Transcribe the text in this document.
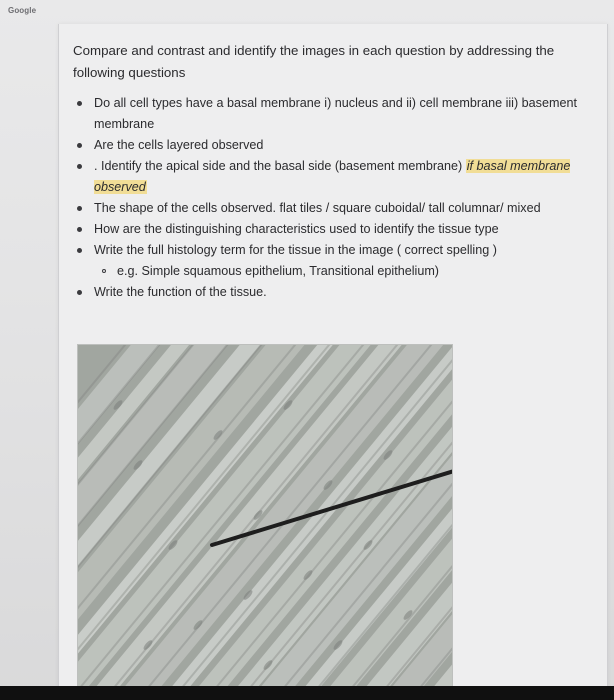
Google
Compare and contrast and identify the images in each question by addressing the following questions
Do all cell types have a basal membrane i) nucleus and ii) cell membrane iii) basement membrane
Are the cells layered observed
. Identify the apical side and the basal side (basement membrane) if basal membrane observed
The shape of the cells observed. flat tiles / square cuboidal/ tall columnar/ mixed
How are the distinguishing characteristics used to identify the tissue type
Write the full histology term for the tissue in the image ( correct spelling )
e.g. Simple squamous epithelium, Transitional epithelium)
Write the function of the tissue.
